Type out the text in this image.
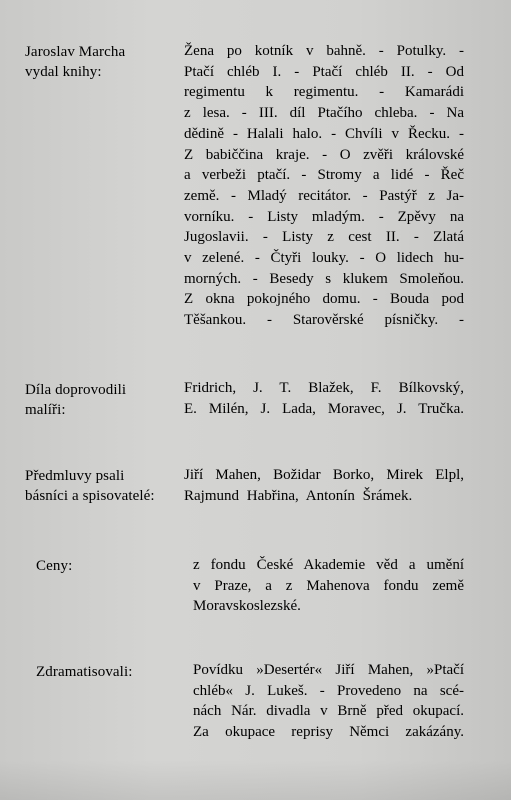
Jaroslav Marcha
vydal knihy:
Žena po kotník v bahně. - Potulky. -
Ptačí chléb I. - Ptačí chléb II. - Od
regimentu k regimentu. - Kamarádi
z lesa. - III. díl Ptačího chleba. - Na
dědině - Halali halo. - Chvíli v Řecku. -
Z babiččina kraje. - O zvěři královské
a verbeži ptačí. - Stromy a lidé - Řeč
země. - Mladý recitátor. - Pastýř z Ja-
vorníku. - Listy mladým. - Zpěvy na
Jugoslavii. - Listy z cest II. - Zlatá
v zelené. - Čtyři louky. - O lidech hu-
morných. - Besedy s klukem Smoleňou.
Z okna pokojného domu. - Bouda pod
Těšankou. - Starověrské písničky. -
Díla doprovodili
malíři:
Fridrich, J. T. Blažek, F. Bílkovský,
E. Milén, J. Lada, Moravec, J. Tručka.
Předmluvy psali
básníci a spisovatelé:
Jiří Mahen, Božidar Borko, Mirek Elpl,
Rajmund Habřina, Antonín Šrámek.
Ceny:	z fondu České Akademie věd a umění
v Praze, a z Mahenova fondu země
Moravskoslezské.
Zdramatisovali:	Povídku »Desertér« Jiří Mahen, »Ptačí
chléb« J. Lukeš. - Provedeno na scé-
nách Nár. divadla v Brně před okupací.
Za okupace reprisy Němci zakázány.
